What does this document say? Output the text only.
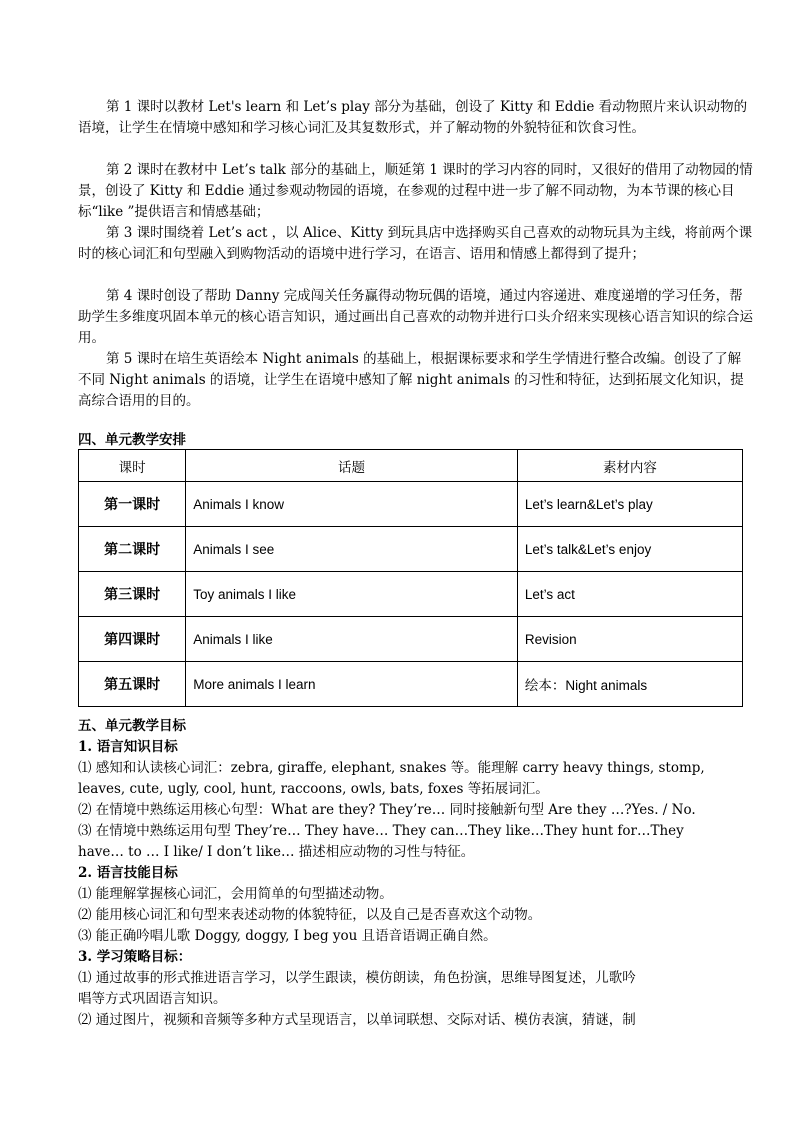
第 1 课时以教材 Let's learn 和 Let’s play 部分为基础，创设了 Kitty 和 Eddie 看动物照片来认识动物的语境，让学生在情境中感知和学习核心词汇及其复数形式，并了解动物的外貌特征和饮食习性。

第 2 课时在教材中 Let’s talk 部分的基础上，顺延第 1 课时的学习内容的同时，又很好的借用了动物园的情景，创设了 Kitty 和 Eddie 通过参观动物园的语境，在参观的过程中进一步了解不同动物，为本节课的核心目标“like ”提供语言和情感基础；

第 3 课时围绕着 Let’s act ，以 Alice、Kitty 到玩具店中选择购买自己喜欢的动物玩具为主线，将前两个课时的核心词汇和句型融入到购物活动的语境中进行学习，在语言、语用和情感上都得到了提升；

第 4 课时创设了帮助 Danny 完成闯关任务赢得动物玩偶的语境，通过内容递进、难度递增的学习任务，帮助学生多维度巩固本单元的核心语言知识，通过画出自己喜欢的动物并进行口头介绍来实现核心语言知识的综合运用。

第 5 课时在培生英语绘本 Night animals 的基础上，根据课标要求和学生学情进行整合改编。创设了了解不同 Night animals 的语境，让学生在语境中感知了解 night animals 的习性和特征，达到拓展文化知识，提高综合语用的目的。

四、单元教学安排

课时	话题	素材内容
第一课时	Animals I know	Let’s learn&Let’s play
第二课时	Animals I see	Let’s talk&Let’s enjoy
第三课时	Toy animals I like	Let’s act
第四课时	Animals I like	Revision
第五课时	More animals I learn	绘本：Night animals

五、单元教学目标

1. 语言知识目标

⑴ 感知和认读核心词汇：zebra, giraffe, elephant, snakes 等。能理解 carry heavy things, stomp,

leaves, cute, ugly, cool, hunt, raccoons, owls, bats, foxes 等拓展词汇。

⑵ 在情境中熟练运用核心句型：What are they? They’re… 同时接触新句型 Are they …?Yes. / No.

⑶ 在情境中熟练运用句型 They’re… They have… They can…They like…They hunt for…They

have… to … I like/ I don’t like… 描述相应动物的习性与特征。

2. 语言技能目标

⑴ 能理解掌握核心词汇，会用简单的句型描述动物。

⑵ 能用核心词汇和句型来表述动物的体貌特征，以及自己是否喜欢这个动物。

⑶ 能正确吟唱儿歌 Doggy, doggy, I beg you 且语音语调正确自然。

3. 学习策略目标：

⑴ 通过故事的形式推进语言学习，以学生跟读，模仿朗读，角色扮演，思维导图复述，儿歌吟

唱等方式巩固语言知识。

⑵ 通过图片，视频和音频等多种方式呈现语言，以单词联想、交际对话、模仿表演，猜谜，制
